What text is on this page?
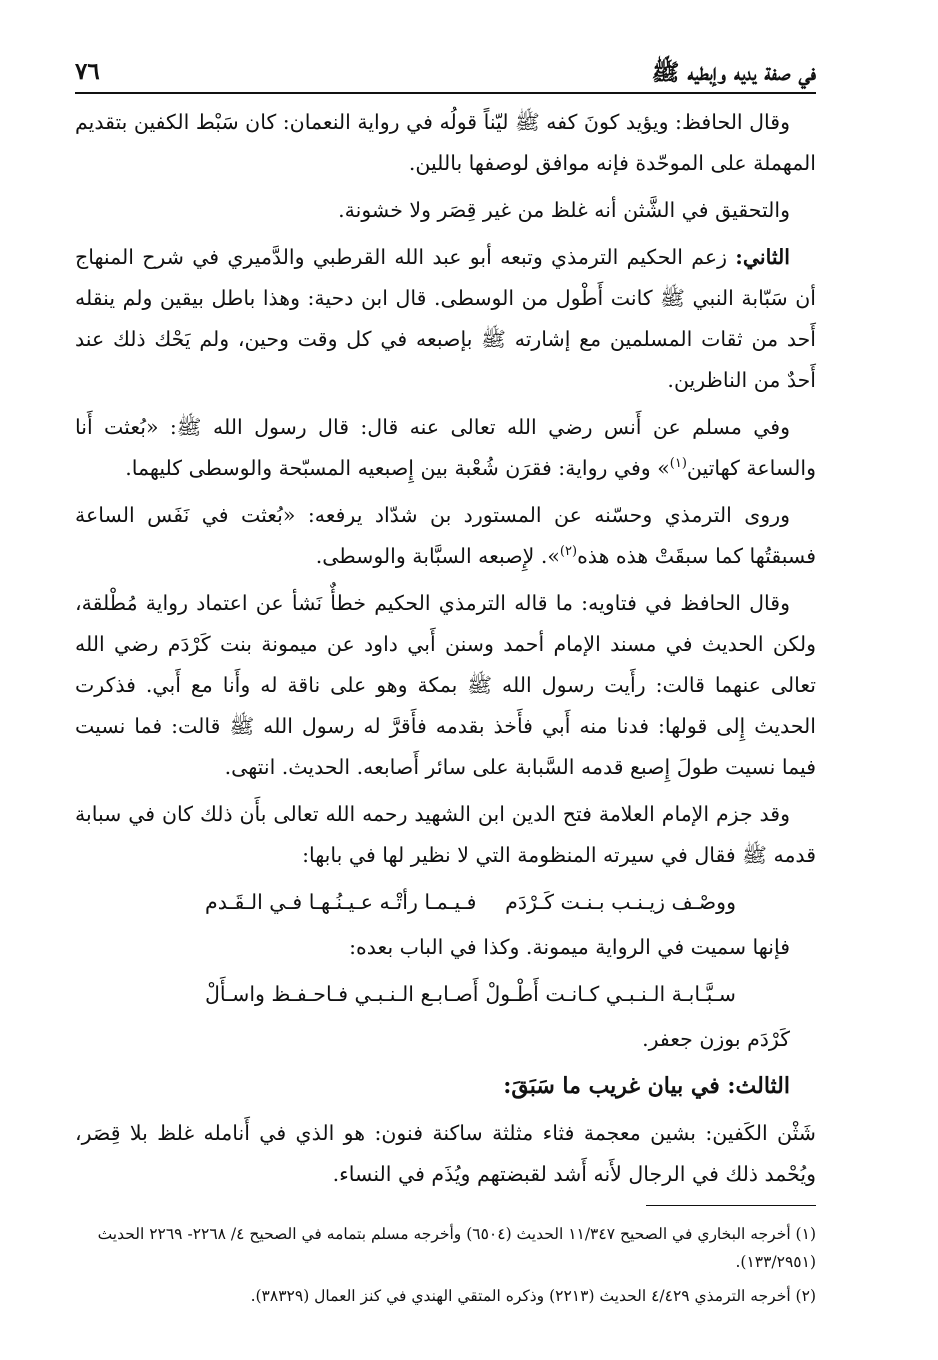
في صفة يديه وإبطيه ﷺ
٧٦

وقال الحافظ: ويؤيد كونَ كفه ﷺ ليّناً قولُه في رواية النعمان: كان سَبْط الكفين بتقديم المهملة على الموحّدة فإنه موافق لوصفها باللين.

والتحقيق في الشَّثن أنه غلظ من غير قِصَر ولا خشونة.

الثاني: زعم الحكيم الترمذي وتبعه أبو عبد الله القرطبي والدَّميري في شرح المنهاج أن سَبّابة النبي ﷺ كانت أَطْول من الوسطى. قال ابن دحية: وهذا باطل بيقين ولم ينقله أَحد من ثقات المسلمين مع إشارته ﷺ بإصبعه في كل وقت وحين، ولم يَحْك ذلك عند أَحدٌ من الناظرين.

وفي مسلم عن أَنس رضي الله تعالى عنه قال: قال رسول الله ﷺ: «بُعثت أَنا والساعة كهاتين$^{(١)}$» وفي رواية: فقرَن شُعْبة بين إِصبعيه المسبّحة والوسطى كليهما.

وروى الترمذي وحسّنه عن المستورد بن شدّاد يرفعه: «بُعثت في نَفَس الساعة فسبقتُها كما سبقَتْ هذه هذه$^{(٢)}$». لإِصبعه السبَّابة والوسطى.

وقال الحافظ في فتاويه: ما قاله الترمذي الحكيم خطأٌ نَشأ عن اعتماد رواية مُطْلقة، ولكن الحديث في مسند الإمام أحمد وسنن أَبي داود عن ميمونة بنت كَرْدَم رضي الله تعالى عنهما قالت: رأَيت رسول الله ﷺ بمكة وهو على ناقة له وأَنا مع أَبي. فذكرت الحديث إِلى قولها: فدنا منه أَبي فأَخذ بقدمه فأَقرَّ له رسول الله ﷺ قالت: فما نسيت فيما نسيت طولَ إِصبع قدمه السَّبابة على سائر أَصابعه. الحديث. انتهى.

وقد جزم الإمام العلامة فتح الدين ابن الشهيد رحمه الله تعالى بأَن ذلك كان في سبابة قدمه ﷺ فقال في سيرته المنظومة التي لا نظير لها في بابها:

ووصْـف زيـنـب بـنـت كَـرْدَم
فـيـمـا رأتْـه عـيـنُـهـا فـي الـقَـدم

فإنها سميت في الرواية ميمونة. وكذا في الباب بعده:

سـبَّـابـة الـنـبـي كـانـت أَطْـولْ
أَصـابـع الـنـبـي فـاحـفـظ واسـأَلْ

كَرْدَم بوزن جعفر.

الثالث: في بيان غريب ما سَبَقَ:

شَثْن الكَفين: بشين معجمة فثاء مثلثة ساكنة فنون: هو الذي في أَنامله غلظ بلا قِصَر، ويُحْمد ذلك في الرجال لأَنه أَشد لقبضتهم ويُذَم في النساء.

(١) أخرجه البخاري في الصحيح ١١/٣٤٧ الحديث (٦٥٠٤) وأخرجه مسلم بتمامه في الصحيح ٤/ ٢٢٦٨- ٢٢٦٩ الحديث (١٣٣/٢٩٥١).

(٢) أخرجه الترمذي ٤/٤٢٩ الحديث (٢٢١٣) وذكره المتقي الهندي في كنز العمال (٣٨٣٢٩).
